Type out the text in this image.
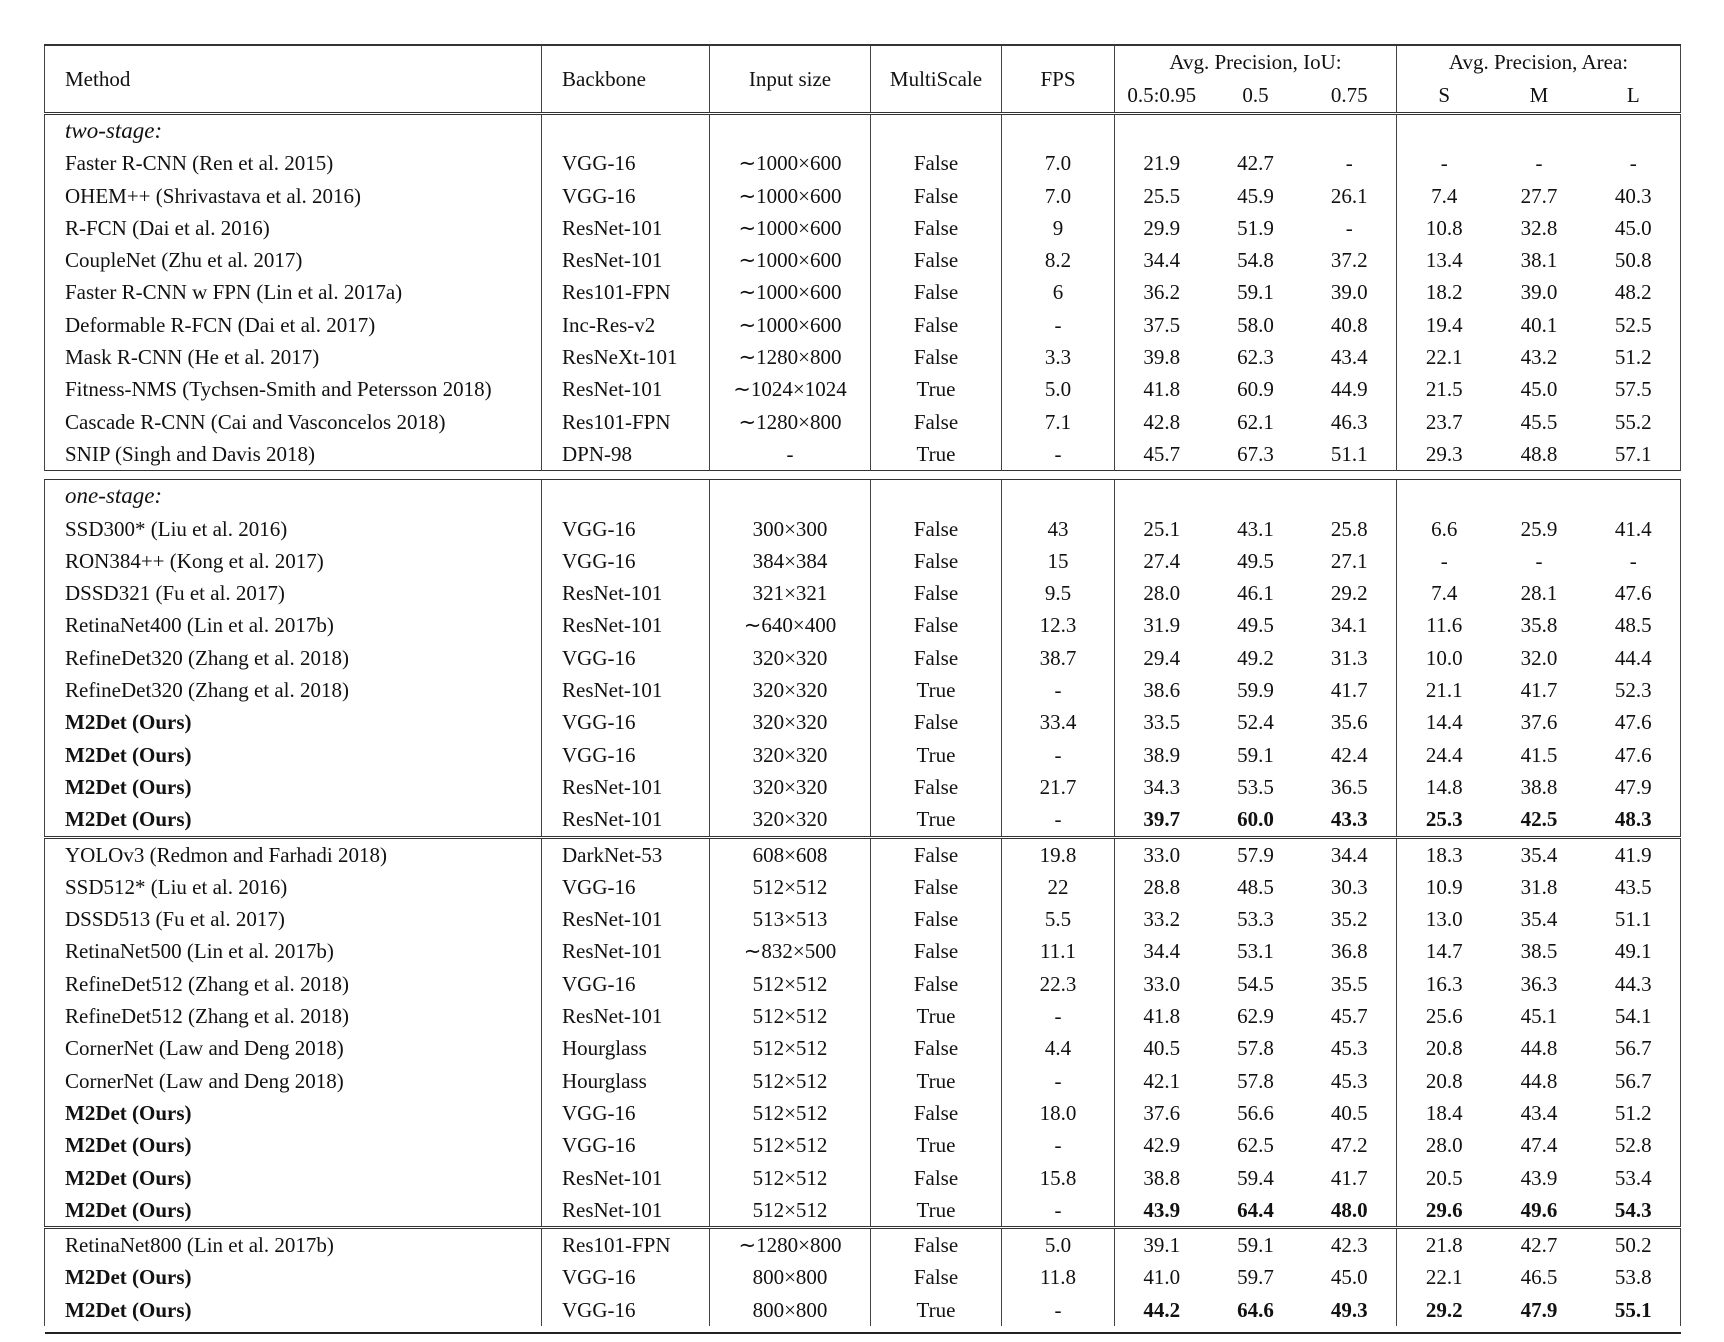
Method	Backbone	Input size	MultiScale	FPS	Avg. Precision, IoU:			Avg. Precision, Area:		
					0.5:0.95	0.5	0.75	S	M	L
two-stage:										
Faster R-CNN (Ren et al. 2015)	VGG-16	∼1000×600	False	7.0	21.9	42.7	-	-	-	-
OHEM++ (Shrivastava et al. 2016)	VGG-16	∼1000×600	False	7.0	25.5	45.9	26.1	7.4	27.7	40.3
R-FCN (Dai et al. 2016)	ResNet-101	∼1000×600	False	9	29.9	51.9	-	10.8	32.8	45.0
CoupleNet (Zhu et al. 2017)	ResNet-101	∼1000×600	False	8.2	34.4	54.8	37.2	13.4	38.1	50.8
Faster R-CNN w FPN (Lin et al. 2017a)	Res101-FPN	∼1000×600	False	6	36.2	59.1	39.0	18.2	39.0	48.2
Deformable R-FCN (Dai et al. 2017)	Inc-Res-v2	∼1000×600	False	-	37.5	58.0	40.8	19.4	40.1	52.5
Mask R-CNN (He et al. 2017)	ResNeXt-101	∼1280×800	False	3.3	39.8	62.3	43.4	22.1	43.2	51.2
Fitness-NMS (Tychsen-Smith and Petersson 2018)	ResNet-101	∼1024×1024	True	5.0	41.8	60.9	44.9	21.5	45.0	57.5
Cascade R-CNN (Cai and Vasconcelos 2018)	Res101-FPN	∼1280×800	False	7.1	42.8	62.1	46.3	23.7	45.5	55.2
SNIP (Singh and Davis 2018)	DPN-98	-	True	-	45.7	67.3	51.1	29.3	48.8	57.1

one-stage:										
SSD300* (Liu et al. 2016)	VGG-16	300×300	False	43	25.1	43.1	25.8	6.6	25.9	41.4
RON384++ (Kong et al. 2017)	VGG-16	384×384	False	15	27.4	49.5	27.1	-	-	-
DSSD321 (Fu et al. 2017)	ResNet-101	321×321	False	9.5	28.0	46.1	29.2	7.4	28.1	47.6
RetinaNet400 (Lin et al. 2017b)	ResNet-101	∼640×400	False	12.3	31.9	49.5	34.1	11.6	35.8	48.5
RefineDet320 (Zhang et al. 2018)	VGG-16	320×320	False	38.7	29.4	49.2	31.3	10.0	32.0	44.4
RefineDet320 (Zhang et al. 2018)	ResNet-101	320×320	True	-	38.6	59.9	41.7	21.1	41.7	52.3
M2Det (Ours)	VGG-16	320×320	False	33.4	33.5	52.4	35.6	14.4	37.6	47.6
M2Det (Ours)	VGG-16	320×320	True	-	38.9	59.1	42.4	24.4	41.5	47.6
M2Det (Ours)	ResNet-101	320×320	False	21.7	34.3	53.5	36.5	14.8	38.8	47.9
M2Det (Ours)	ResNet-101	320×320	True	-	39.7	60.0	43.3	25.3	42.5	48.3
YOLOv3 (Redmon and Farhadi 2018)	DarkNet-53	608×608	False	19.8	33.0	57.9	34.4	18.3	35.4	41.9
SSD512* (Liu et al. 2016)	VGG-16	512×512	False	22	28.8	48.5	30.3	10.9	31.8	43.5
DSSD513 (Fu et al. 2017)	ResNet-101	513×513	False	5.5	33.2	53.3	35.2	13.0	35.4	51.1
RetinaNet500 (Lin et al. 2017b)	ResNet-101	∼832×500	False	11.1	34.4	53.1	36.8	14.7	38.5	49.1
RefineDet512 (Zhang et al. 2018)	VGG-16	512×512	False	22.3	33.0	54.5	35.5	16.3	36.3	44.3
RefineDet512 (Zhang et al. 2018)	ResNet-101	512×512	True	-	41.8	62.9	45.7	25.6	45.1	54.1
CornerNet (Law and Deng 2018)	Hourglass	512×512	False	4.4	40.5	57.8	45.3	20.8	44.8	56.7
CornerNet (Law and Deng 2018)	Hourglass	512×512	True	-	42.1	57.8	45.3	20.8	44.8	56.7
M2Det (Ours)	VGG-16	512×512	False	18.0	37.6	56.6	40.5	18.4	43.4	51.2
M2Det (Ours)	VGG-16	512×512	True	-	42.9	62.5	47.2	28.0	47.4	52.8
M2Det (Ours)	ResNet-101	512×512	False	15.8	38.8	59.4	41.7	20.5	43.9	53.4
M2Det (Ours)	ResNet-101	512×512	True	-	43.9	64.4	48.0	29.6	49.6	54.3
RetinaNet800 (Lin et al. 2017b)	Res101-FPN	∼1280×800	False	5.0	39.1	59.1	42.3	21.8	42.7	50.2
M2Det (Ours)	VGG-16	800×800	False	11.8	41.0	59.7	45.0	22.1	46.5	53.8
M2Det (Ours)	VGG-16	800×800	True	-	44.2	64.6	49.3	29.2	47.9	55.1
